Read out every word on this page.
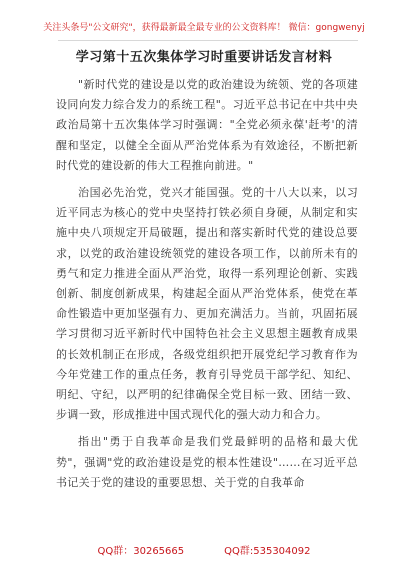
关注头条号"公文研究"，获得最新最全最专业的公文资料库！ 微信：gongwenyj
学习第十五次集体学习时重要讲话发言材料

"新时代党的建设是以党的政治建设为统领、党的各项建设同向发力综合发力的系统工程"。习近平总书记在中共中央政治局第十五次集体学习时强调："全党必须永葆'赶考'的清醒和坚定，以健全全面从严治党体系为有效途径，不断把新时代党的建设新的伟大工程推向前进。"

治国必先治党，党兴才能国强。党的十八大以来，以习近平同志为核心的党中央坚持打铁必须自身硬，从制定和实施中央八项规定开局破题，提出和落实新时代党的建设总要求，以党的政治建设统领党的建设各项工作，以前所未有的勇气和定力推进全面从严治党，取得一系列理论创新、实践创新、制度创新成果，构建起全面从严治党体系，使党在革命性锻造中更加坚强有力、更加充满活力。当前，巩固拓展学习贯彻习近平新时代中国特色社会主义思想主题教育成果的长效机制正在形成，各级党组织把开展党纪学习教育作为今年党建工作的重点任务，教育引导党员干部学纪、知纪、明纪、守纪，以严明的纪律确保全党目标一致、团结一致、步调一致，形成推进中国式现代化的强大动力和合力。

指出"勇于自我革命是我们党最鲜明的品格和最大优势"，强调"党的政治建设是党的根本性建设"……在习近平总书记关于党的建设的重要思想、关于党的自我革命

QQ群：30265665	QQ群:535304092
